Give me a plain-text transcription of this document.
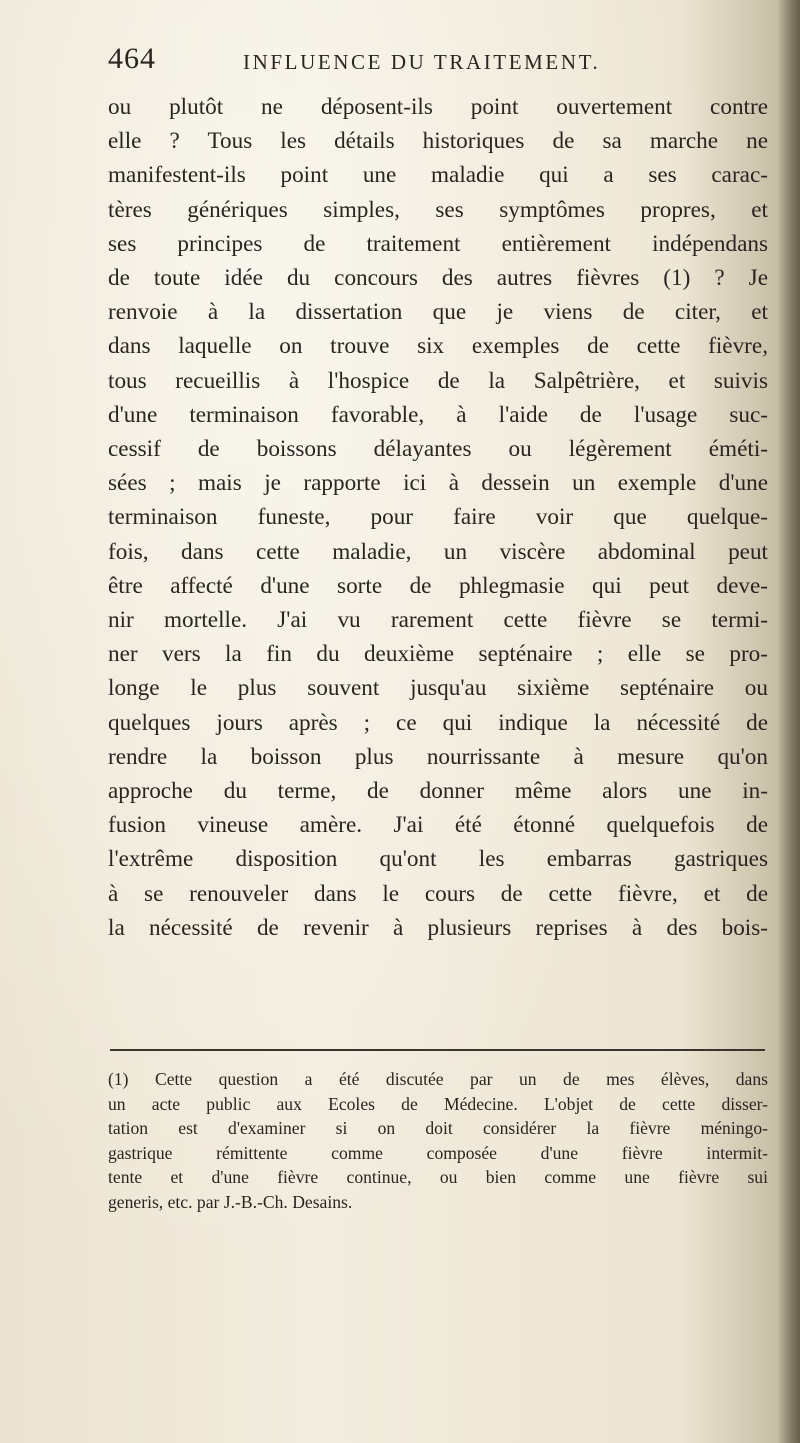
464	INFLUENCE DU TRAITEMENT.
ou plutôt ne déposent-ils point ouvertement contre
elle ? Tous les détails historiques de sa marche ne
manifestent-ils point une maladie qui a ses carac-
tères génériques simples, ses symptômes propres, et
ses principes de traitement entièrement indépendans
de toute idée du concours des autres fièvres (1) ? Je
renvoie à la dissertation que je viens de citer, et
dans laquelle on trouve six exemples de cette fièvre,
tous recueillis à l'hospice de la Salpêtrière, et suivis
d'une terminaison favorable, à l'aide de l'usage suc-
cessif de boissons délayantes ou légèrement éméti-
sées ; mais je rapporte ici à dessein un exemple d'une
terminaison funeste, pour faire voir que quelque-
fois, dans cette maladie, un viscère abdominal peut
être affecté d'une sorte de phlegmasie qui peut deve-
nir mortelle. J'ai vu rarement cette fièvre se termi-
ner vers la fin du deuxième septénaire ; elle se pro-
longe le plus souvent jusqu'au sixième septénaire ou
quelques jours après ; ce qui indique la nécessité de
rendre la boisson plus nourrissante à mesure qu'on
approche du terme, de donner même alors une in-
fusion vineuse amère. J'ai été étonné quelquefois de
l'extrême disposition qu'ont les embarras gastriques
à se renouveler dans le cours de cette fièvre, et de
la nécessité de revenir à plusieurs reprises à des bois-
(1) Cette question a été discutée par un de mes élèves, dans
un acte public aux Ecoles de Médecine. L'objet de cette disser-
tation est d'examiner si on doit considérer la fièvre méningo-
gastrique rémittente comme composée d'une fièvre intermit-
tente et d'une fièvre continue, ou bien comme une fièvre sui
generis, etc. par J.-B.-Ch. Desains.
